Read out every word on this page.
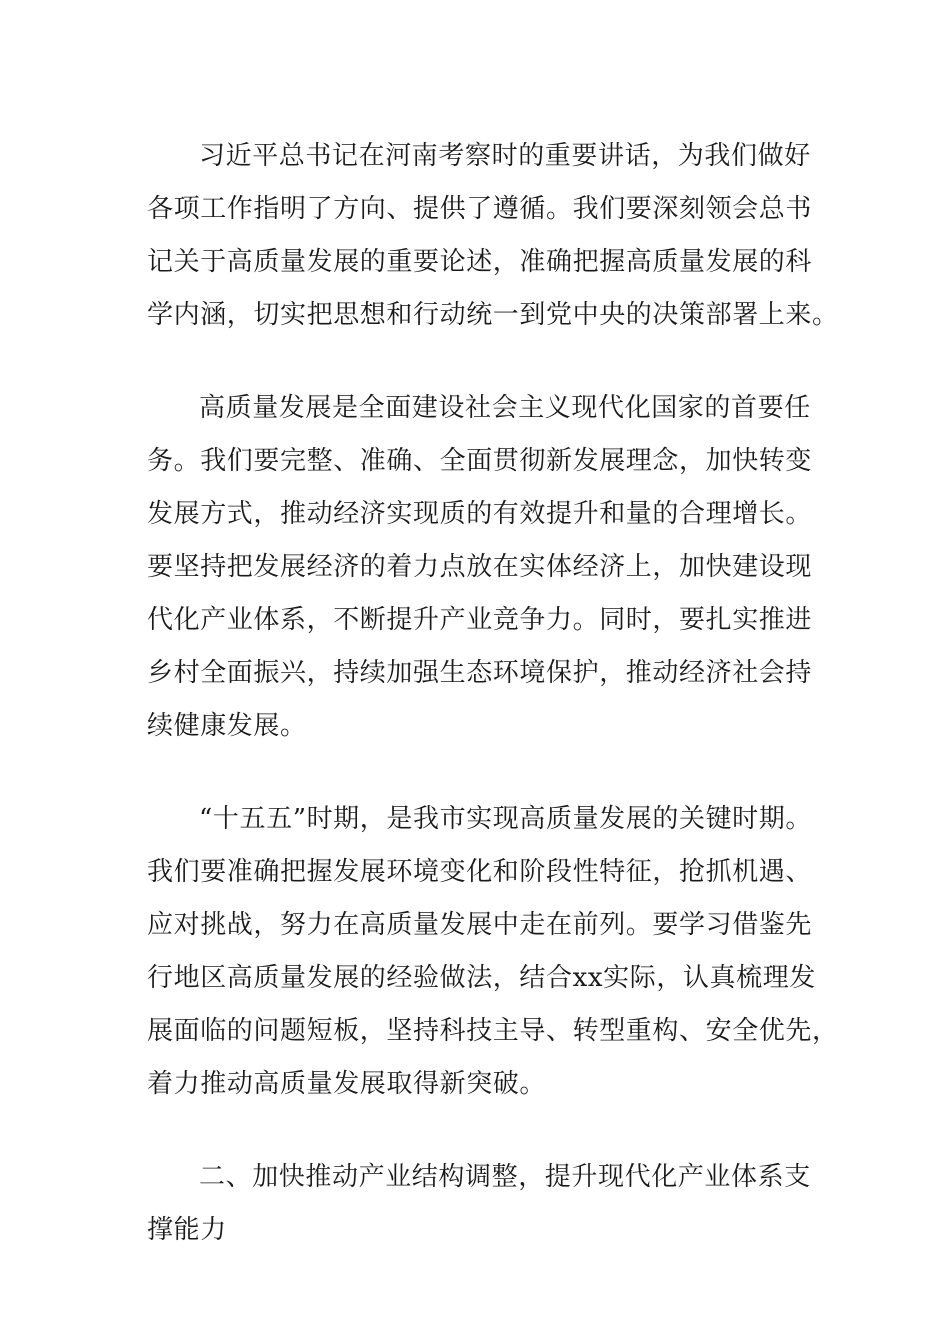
习近平总书记在河南考察时的重要讲话，为我们做好
各项工作指明了方向、提供了遵循。我们要深刻领会总书
记关于高质量发展的重要论述，准确把握高质量发展的科
学内涵，切实把思想和行动统一到党中央的决策部署上来。
高质量发展是全面建设社会主义现代化国家的首要任
务。我们要完整、准确、全面贯彻新发展理念，加快转变
发展方式，推动经济实现质的有效提升和量的合理增长。
要坚持把发展经济的着力点放在实体经济上，加快建设现
代化产业体系，不断提升产业竞争力。同时，要扎实推进
乡村全面振兴，持续加强生态环境保护，推动经济社会持
续健康发展。
“十五五”时期，是我市实现高质量发展的关键时期。
我们要准确把握发展环境变化和阶段性特征，抢抓机遇、
应对挑战，努力在高质量发展中走在前列。要学习借鉴先
行地区高质量发展的经验做法，结合xx实际，认真梳理发
展面临的问题短板，坚持科技主导、转型重构、安全优先，
着力推动高质量发展取得新突破。
二、加快推动产业结构调整，提升现代化产业体系支
撑能力
